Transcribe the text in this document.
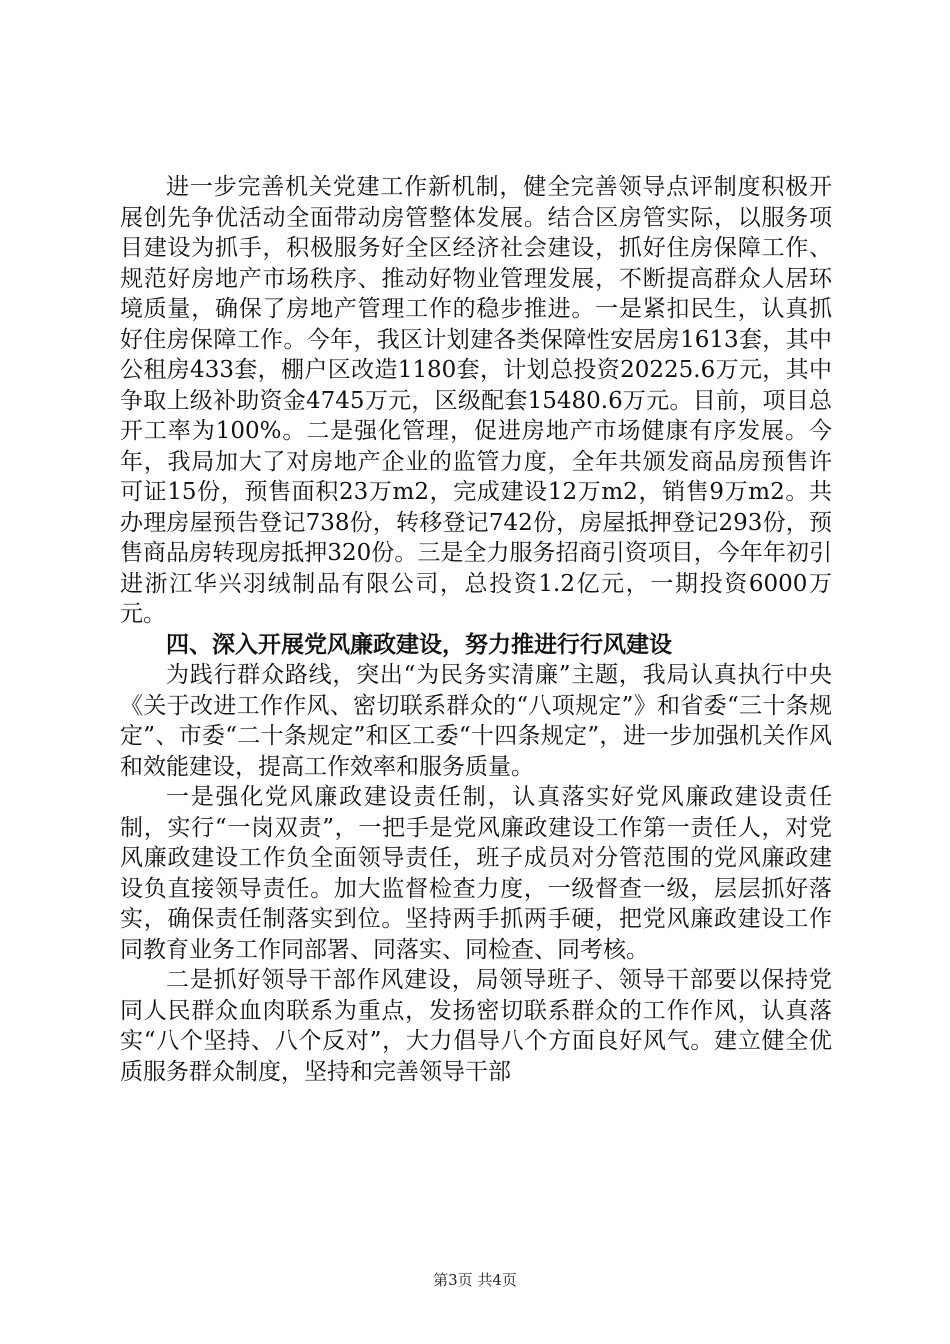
进一步完善机关党建工作新机制，健全完善领导点评制度积极开展创先争优活动全面带动房管整体发展。结合区房管实际，以服务项目建设为抓手，积极服务好全区经济社会建设，抓好住房保障工作、规范好房地产市场秩序、推动好物业管理发展，不断提高群众人居环境质量，确保了房地产管理工作的稳步推进。一是紧扣民生，认真抓好住房保障工作。今年，我区计划建各类保障性安居房1613套，其中公租房433套，棚户区改造1180套，计划总投资20225.6万元，其中争取上级补助资金4745万元，区级配套15480.6万元。目前，项目总开工率为100%。二是强化管理，促进房地产市场健康有序发展。今年，我局加大了对房地产企业的监管力度，全年共颁发商品房预售许可证15份，预售面积23万m2，完成建设12万m2，销售9万m2。共办理房屋预告登记738份，转移登记742份，房屋抵押登记293份，预售商品房转现房抵押320份。三是全力服务招商引资项目，今年年初引进浙江华兴羽绒制品有限公司，总投资1.2亿元，一期投资6000万元。

四、深入开展党风廉政建设，努力推进行行风建设

为践行群众路线，突出“为民务实清廉”主题，我局认真执行中央《关于改进工作作风、密切联系群众的“八项规定”》和省委“三十条规定”、市委“二十条规定”和区工委“十四条规定”，进一步加强机关作风和效能建设，提高工作效率和服务质量。

一是强化党风廉政建设责任制，认真落实好党风廉政建设责任制，实行“一岗双责”，一把手是党风廉政建设工作第一责任人，对党风廉政建设工作负全面领导责任，班子成员对分管范围的党风廉政建设负直接领导责任。加大监督检查力度，一级督查一级，层层抓好落实，确保责任制落实到位。坚持两手抓两手硬，把党风廉政建设工作同教育业务工作同部署、同落实、同检查、同考核。

二是抓好领导干部作风建设，局领导班子、领导干部要以保持党同人民群众血肉联系为重点，发扬密切联系群众的工作作风，认真落实“八个坚持、八个反对”，大力倡导八个方面良好风气。建立健全优质服务群众制度，坚持和完善领导干部

第3页 共4页
